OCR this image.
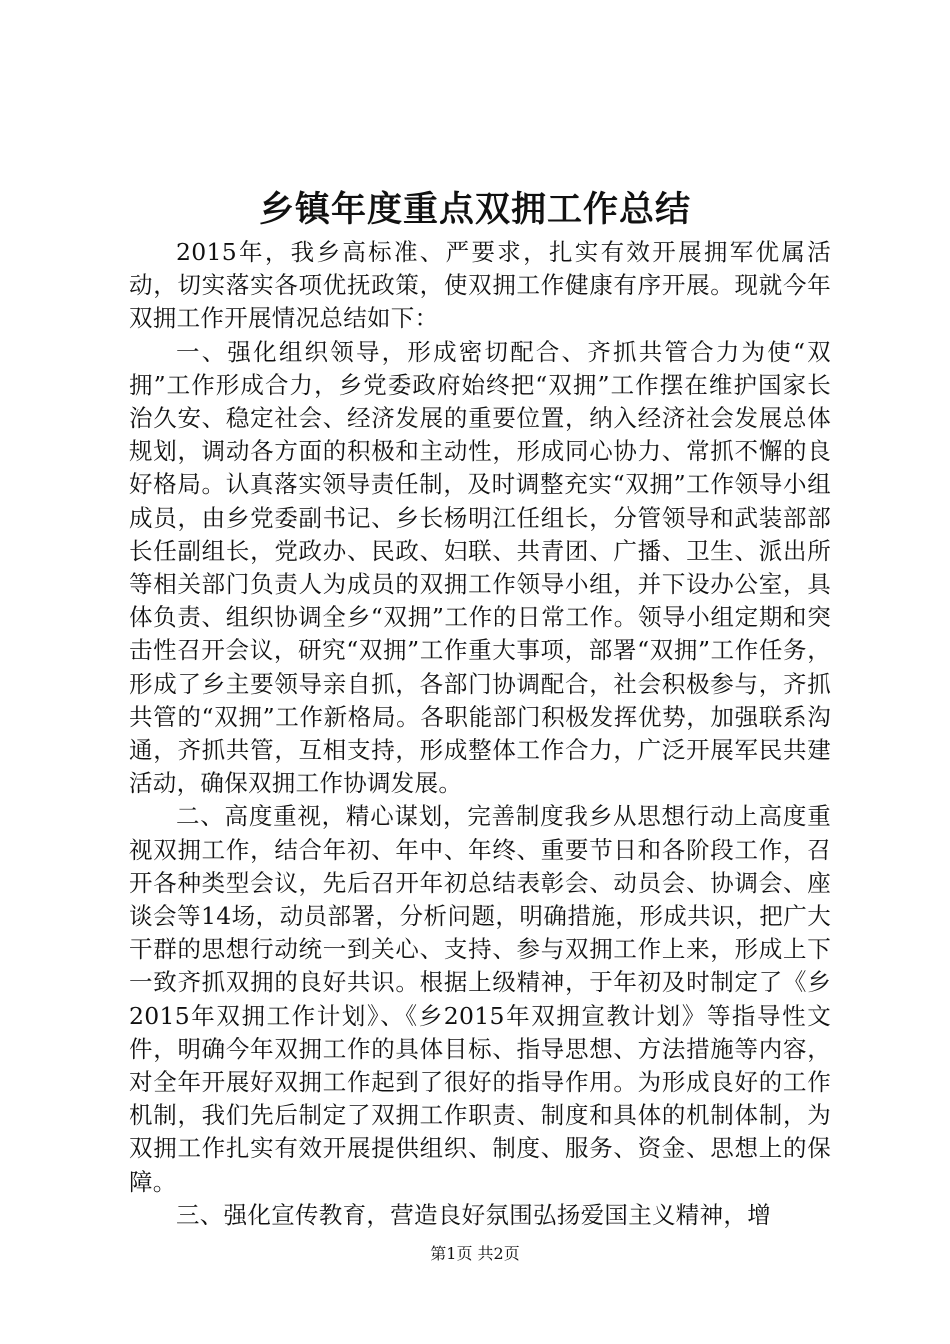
乡镇年度重点双拥工作总结

2015年，我乡高标准、严要求，扎实有效开展拥军优属活动，切实落实各项优抚政策，使双拥工作健康有序开展。现就今年双拥工作开展情况总结如下：

一、强化组织领导，形成密切配合、齐抓共管合力为使“双拥”工作形成合力，乡党委政府始终把“双拥”工作摆在维护国家长治久安、稳定社会、经济发展的重要位置，纳入经济社会发展总体规划，调动各方面的积极和主动性，形成同心协力、常抓不懈的良好格局。认真落实领导责任制，及时调整充实“双拥”工作领导小组成员，由乡党委副书记、乡长杨明江任组长，分管领导和武装部部长任副组长，党政办、民政、妇联、共青团、广播、卫生、派出所等相关部门负责人为成员的双拥工作领导小组，并下设办公室，具体负责、组织协调全乡“双拥”工作的日常工作。领导小组定期和突击性召开会议，研究“双拥”工作重大事项，部署“双拥”工作任务，形成了乡主要领导亲自抓，各部门协调配合，社会积极参与，齐抓共管的“双拥”工作新格局。各职能部门积极发挥优势，加强联系沟通，齐抓共管，互相支持，形成整体工作合力，广泛开展军民共建活动，确保双拥工作协调发展。

二、高度重视，精心谋划，完善制度我乡从思想行动上高度重视双拥工作，结合年初、年中、年终、重要节日和各阶段工作，召开各种类型会议，先后召开年初总结表彰会、动员会、协调会、座谈会等14场，动员部署，分析问题，明确措施，形成共识，把广大干群的思想行动统一到关心、支持、参与双拥工作上来，形成上下一致齐抓双拥的良好共识。根据上级精神，于年初及时制定了《乡2015年双拥工作计划》、《乡2015年双拥宣教计划》等指导性文件，明确今年双拥工作的具体目标、指导思想、方法措施等内容，对全年开展好双拥工作起到了很好的指导作用。为形成良好的工作机制，我们先后制定了双拥工作职责、制度和具体的机制体制，为双拥工作扎实有效开展提供组织、制度、服务、资金、思想上的保障。

三、强化宣传教育，营造良好氛围弘扬爱国主义精神，增

第1页 共2页
